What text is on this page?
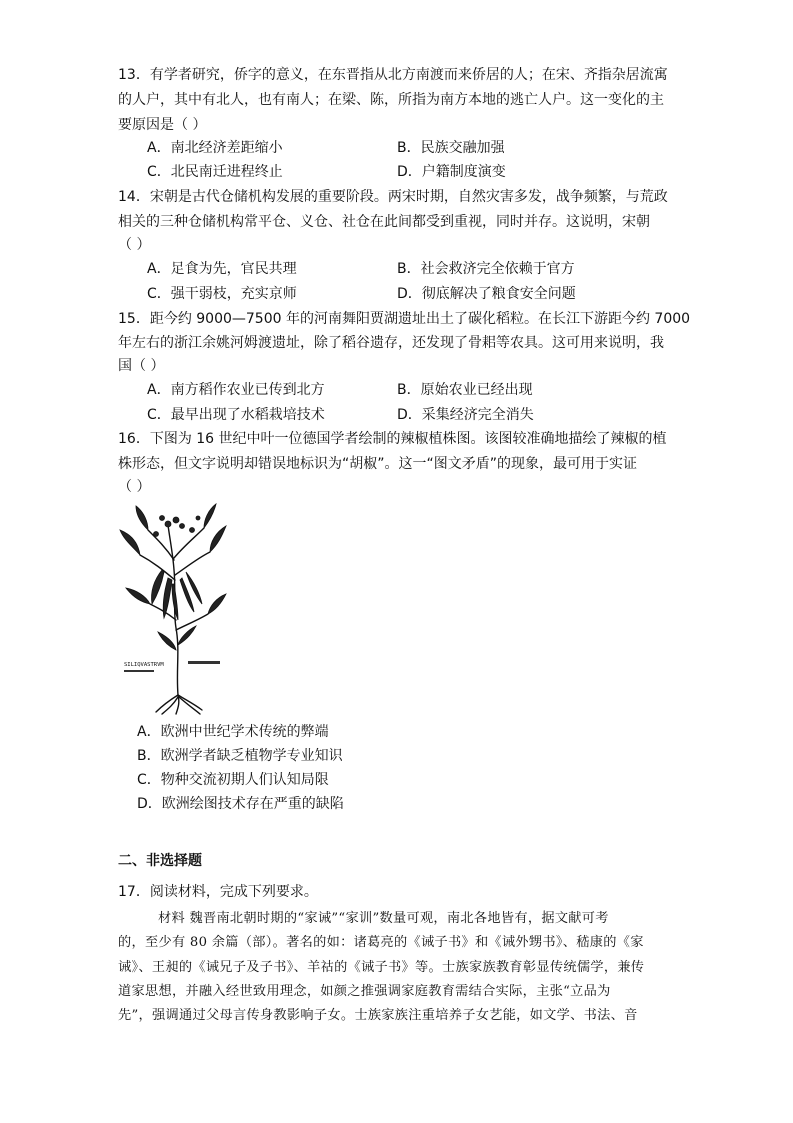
13．有学者研究，侨字的意义，在东晋指从北方南渡而来侨居的人；在宋、齐指杂居流寓
的人户，其中有北人，也有南人；在梁、陈，所指为南方本地的逃亡人户。这一变化的主
要原因是（ ）
A．南北经济差距缩小	B．民族交融加强
C．北民南迁进程终止	D．户籍制度演变
14．宋朝是古代仓储机构发展的重要阶段。两宋时期，自然灾害多发，战争频繁，与荒政
相关的三种仓储机构常平仓、义仓、社仓在此间都受到重视，同时并存。这说明，宋朝
（ ）
A．足食为先，官民共理	B．社会救济完全依赖于官方
C．强干弱枝，充实京师	D．彻底解决了粮食安全问题
15．距今约 9000—7500 年的河南舞阳贾湖遗址出土了碳化稻粒。在长江下游距今约 7000
年左右的浙江余姚河姆渡遗址，除了稻谷遗存，还发现了骨耜等农具。这可用来说明，我
国（ ）
A．南方稻作农业已传到北方	B．原始农业已经出现
C．最早出现了水稻栽培技术	D．采集经济完全消失
16．下图为 16 世纪中叶一位德国学者绘制的辣椒植株图。该图较准确地描绘了辣椒的植
株形态，但文字说明却错误地标识为“胡椒”。这一“图文矛盾”的现象，最可用于实证
（ ）
SILIQVASTRVM
A．欧洲中世纪学术传统的弊端
B．欧洲学者缺乏植物学专业知识
C．物种交流初期人们认知局限
D．欧洲绘图技术存在严重的缺陷
二、非选择题
17．阅读材料，完成下列要求。
材料 魏晋南北朝时期的“家诫”“家训”数量可观，南北各地皆有，据文献可考
的，至少有 80 余篇（部）。著名的如：诸葛亮的《诫子书》和《诫外甥书》、嵇康的《家
诫》、王昶的《诫兄子及子书》、羊祜的《诫子书》等。士族家族教育彰显传统儒学，兼传
道家思想，并融入经世致用理念，如颜之推强调家庭教育需结合实际，主张“立品为
先”，强调通过父母言传身教影响子女。士族家族注重培养子女艺能，如文学、书法、音
